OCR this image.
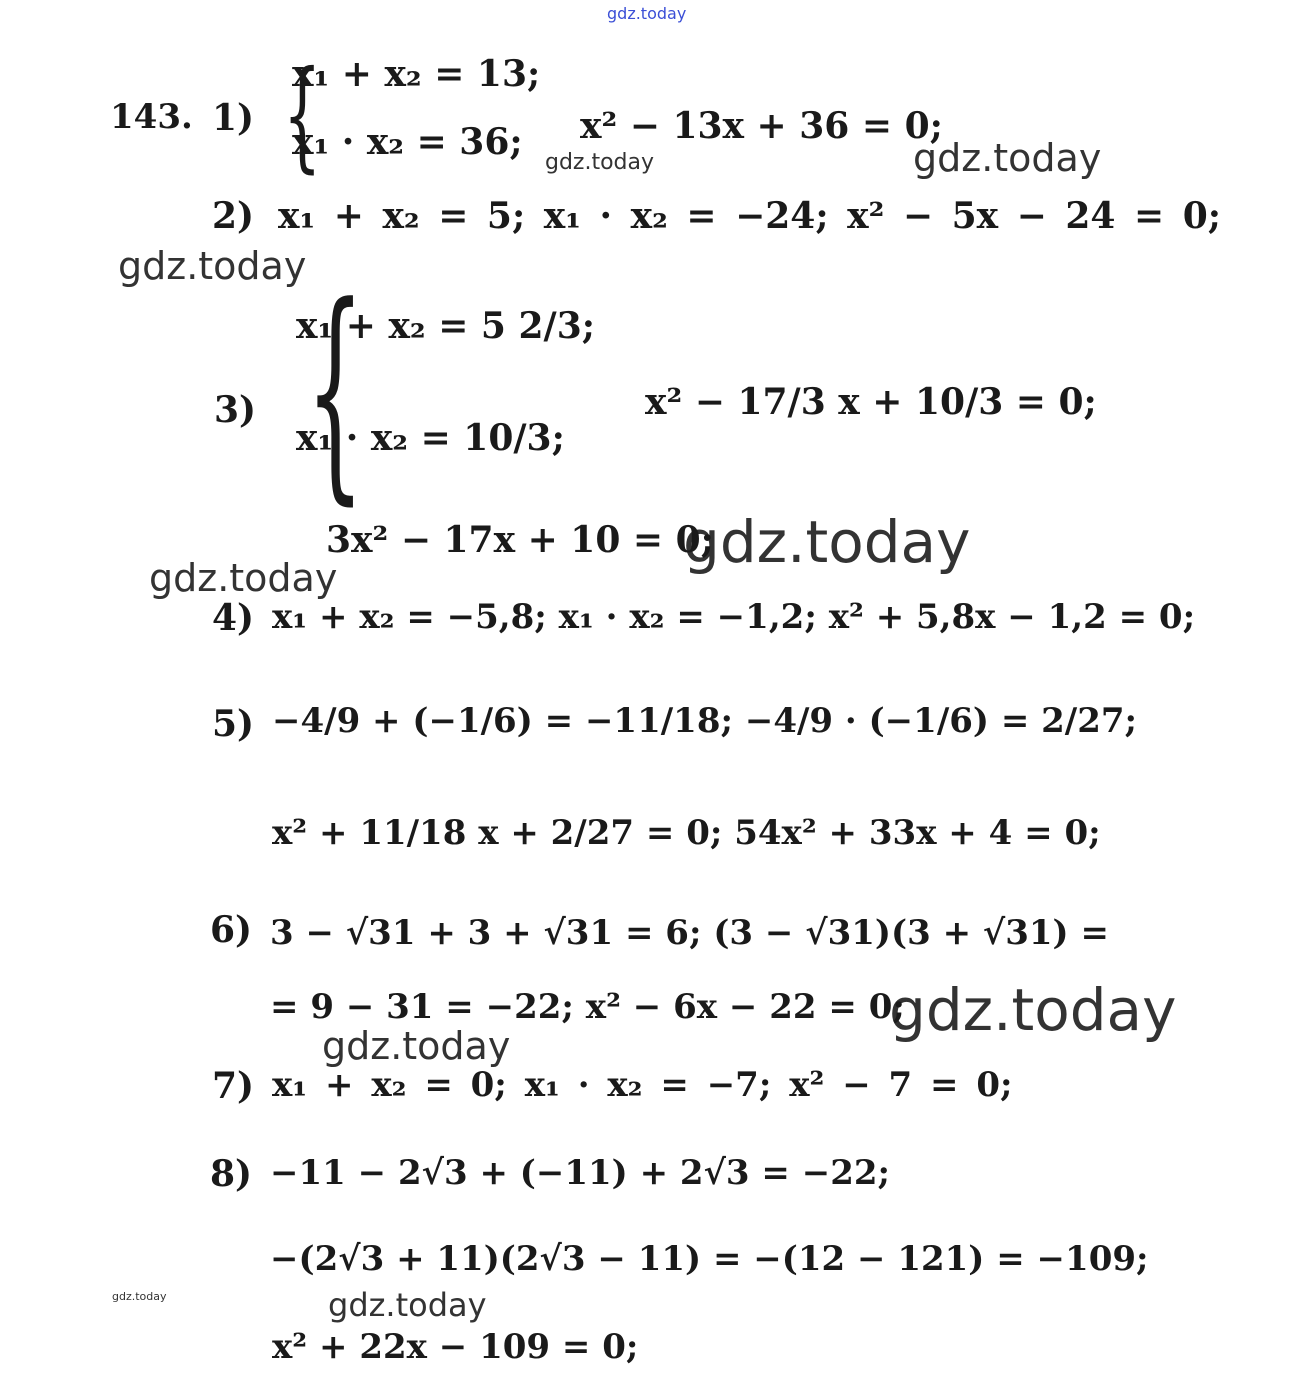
gdz.today
gdz.today	gdz.today
gdz.today
gdz.today
gdz.today
gdz.today
gdz.today
gdz.today	gdz.today
143. 1) {
x₁ + x₂ = 13;
x₁ · x₂ = 36; x² − 13x + 36 = 0;
2) x₁ + x₂ = 5; x₁ · x₂ = −24; x² − 5x − 24 = 0;
{
3)
x₁ + x₂ = 5 2/3;
x₁ · x₂ = 10/3;
x² − 17/3 x + 10/3 = 0;
3x² − 17x + 10 = 0;
4) x₁ + x₂ = −5,8; x₁ · x₂ = −1,2; x² + 5,8x − 1,2 = 0;
5) −4/9 + (−1/6) = −11/18; −4/9 · (−1/6) = 2/27;
x² + 11/18 x + 2/27 = 0; 54x² + 33x + 4 = 0;
6) 3 − √31 + 3 + √31 = 6; (3 − √31)(3 + √31) =
= 9 − 31 = −22; x² − 6x − 22 = 0;
7) x₁ + x₂ = 0; x₁ · x₂ = −7; x² − 7 = 0;
8) −11 − 2√3 + (−11) + 2√3 = −22;
−(2√3 + 11)(2√3 − 11) = −(12 − 121) = −109;
x² + 22x − 109 = 0;
